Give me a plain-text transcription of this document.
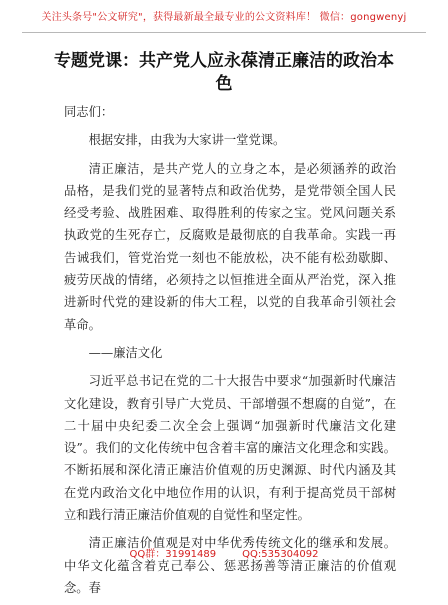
关注头条号"公文研究"，获得最新最全最专业的公文资料库！ 微信：gongwenyj
专题党课：共产党人应永葆清正廉洁的政治本色

同志们：

根据安排，由我为大家讲一堂党课。

清正廉洁，是共产党人的立身之本，是必须涵养的政治品格，是我们党的显著特点和政治优势，是党带领全国人民经受考验、战胜困难、取得胜利的传家之宝。党风问题关系执政党的生死存亡，反腐败是最彻底的自我革命。实践一再告诫我们，管党治党一刻也不能放松，决不能有松劲歇脚、疲劳厌战的情绪，必须持之以恒推进全面从严治党，深入推进新时代党的建设新的伟大工程，以党的自我革命引领社会革命。

——廉洁文化

习近平总书记在党的二十大报告中要求“加强新时代廉洁文化建设，教育引导广大党员、干部增强不想腐的自觉”，在二十届中央纪委二次全会上强调“加强新时代廉洁文化建设”。我们的文化传统中包含着丰富的廉洁文化理念和实践。不断拓展和深化清正廉洁价值观的历史渊源、时代内涵及其在党内政治文化中地位作用的认识，有利于提高党员干部树立和践行清正廉洁价值观的自觉性和坚定性。

清正廉洁价值观是对中华优秀传统文化的继承和发展。中华文化蕴含着克己奉公、惩恶扬善等清正廉洁的价值观念。春

QQ群：31991489	QQ:535304092
